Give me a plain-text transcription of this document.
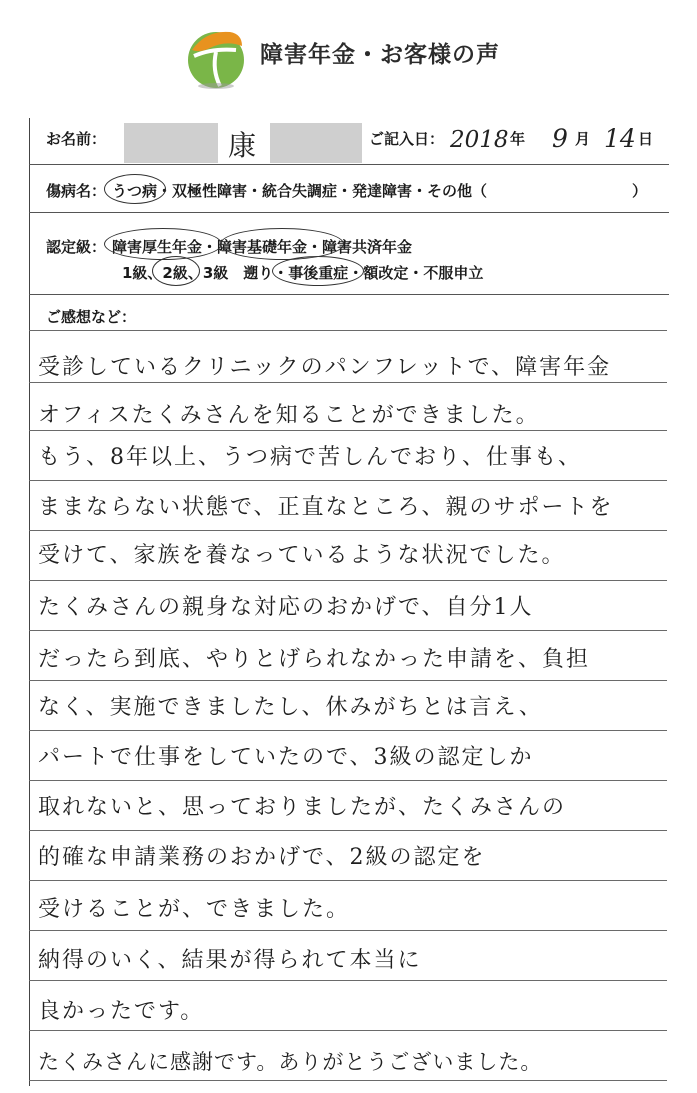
障害年金・お客様の声
お名前：	康	ご記入日： 2018 年 9 月 14 日
傷病名： うつ病・双極性障害・統合失調症・発達障害・その他（	）
認定級： 障害厚生年金・障害基礎年金・障害共済年金
1級、2級、3級　遡り・事後重症・額改定・不服申立
ご感想など：
受診しているクリニックのパンフレットで、障害年金
オフィスたくみさんを知ることができました。
もう、8年以上、うつ病で苦しんでおり、仕事も、
ままならない状態で、正直なところ、親のサポートを
受けて、家族を養なっているような状況でした。
たくみさんの親身な対応のおかげで、自分1人
だったら到底、やりとげられなかった申請を、負担
なく、実施できましたし、休みがちとは言え、
パートで仕事をしていたので、3級の認定しか
取れないと、思っておりましたが、たくみさんの
的確な申請業務のおかげで、2級の認定を
受けることが、できました。
納得のいく、結果が得られて本当に
良かったです。
たくみさんに感謝です。ありがとうございました。
